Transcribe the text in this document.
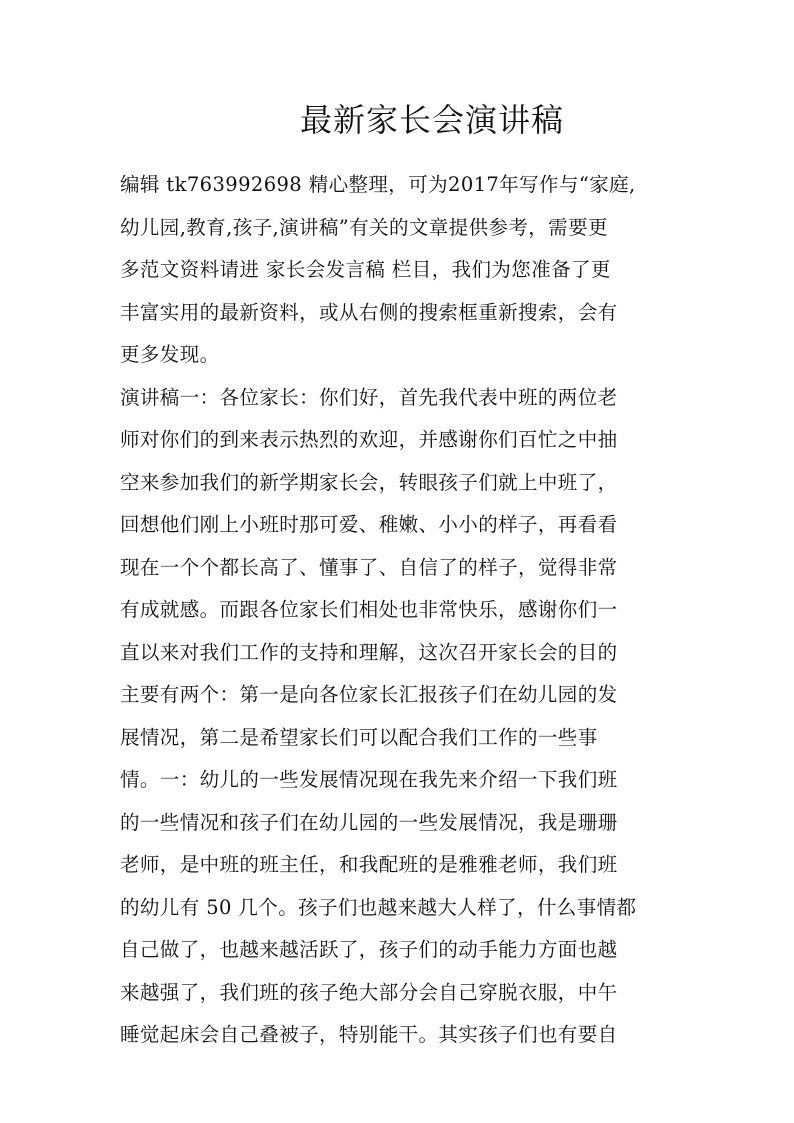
最新家长会演讲稿
编辑 tk763992698 精心整理，可为2017年写作与“家庭,
幼儿园,教育,孩子,演讲稿”有关的文章提供参考，需要更
多范文资料请进 家长会发言稿 栏目，我们为您准备了更
丰富实用的最新资料，或从右侧的搜索框重新搜索，会有
更多发现。
演讲稿一：各位家长：你们好，首先我代表中班的两位老
师对你们的到来表示热烈的欢迎，并感谢你们百忙之中抽
空来参加我们的新学期家长会，转眼孩子们就上中班了，
回想他们刚上小班时那可爱、稚嫩、小小的样子，再看看
现在一个个都长高了、懂事了、自信了的样子，觉得非常
有成就感。而跟各位家长们相处也非常快乐，感谢你们一
直以来对我们工作的支持和理解，这次召开家长会的目的
主要有两个：第一是向各位家长汇报孩子们在幼儿园的发
展情况，第二是希望家长们可以配合我们工作的一些事
情。一：幼儿的一些发展情况现在我先来介绍一下我们班
的一些情况和孩子们在幼儿园的一些发展情况，我是珊珊
老师，是中班的班主任，和我配班的是雅雅老师，我们班
的幼儿有 50 几个。孩子们也越来越大人样了，什么事情都
自己做了，也越来越活跃了，孩子们的动手能力方面也越
来越强了，我们班的孩子绝大部分会自己穿脱衣服，中午
睡觉起床会自己叠被子，特别能干。其实孩子们也有要自
